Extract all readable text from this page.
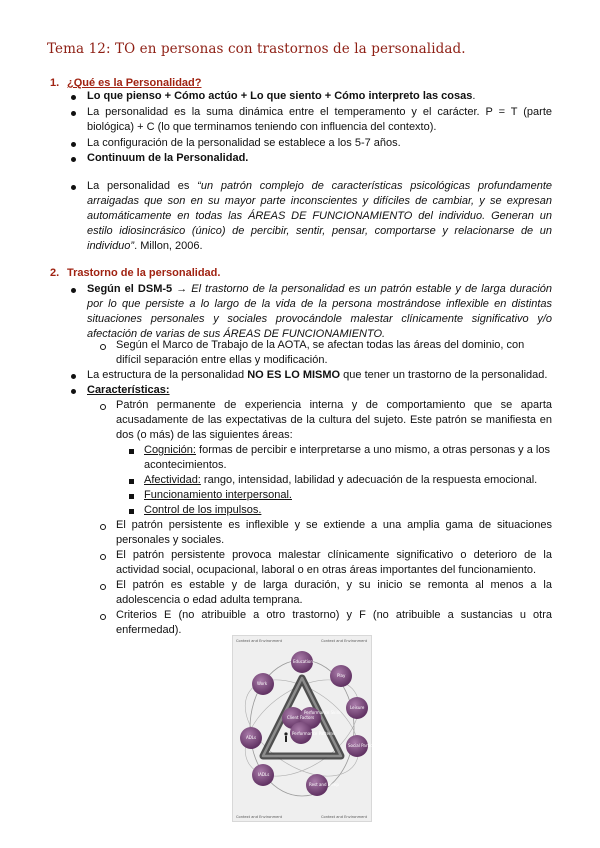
Tema 12: TO en personas con trastornos de la personalidad.
1. ¿Qué es la Personalidad?
Lo que pienso + Cómo actúo + Lo que siento + Cómo interpreto las cosas.
La personalidad es la suma dinámica entre el temperamento y el carácter. P = T (parte biológica) + C (lo que terminamos teniendo con influencia del contexto).
La configuración de la personalidad se establece a los 5-7 años.
Continuum de la Personalidad.
La personalidad es “un patrón complejo de características psicológicas profundamente arraigadas que son en su mayor parte inconscientes y difíciles de cambiar, y se expresan automáticamente en todas las ÁREAS DE FUNCIONAMIENTO del individuo. Generan un estilo idiosincrásico (único) de percibir, sentir, pensar, comportarse y relacionarse de un individuo”. Millon, 2006.
2. Trastorno de la personalidad.
Según el DSM-5 → El trastorno de la personalidad es un patrón estable y de larga duración por lo que persiste a lo largo de la vida de la persona mostrándose inflexible en distintas situaciones personales y sociales provocándole malestar clínicamente significativo y/o afectación de varias de sus ÁREAS DE FUNCIONAMIENTO.
Según el Marco de Trabajo de la AOTA, se afectan todas las áreas del dominio, con difícil separación entre ellas y modificación.
La estructura de la personalidad NO ES LO MISMO que tener un trastorno de la personalidad.
Características:
Patrón permanente de experiencia interna y de comportamiento que se aparta acusadamente de las expectativas de la cultura del sujeto. Este patrón se manifiesta en dos (o más) de las siguientes áreas:
Cognición: formas de percibir e interpretarse a uno mismo, a otras personas y a los acontecimientos.
Afectividad: rango, intensidad, labilidad y adecuación de la respuesta emocional.
Funcionamiento interpersonal.
Control de los impulsos.
El patrón persistente es inflexible y se extiende a una amplia gama de situaciones personales y sociales.
El patrón persistente provoca malestar clínicamente significativo o deterioro de la actividad social, ocupacional, laboral o en otras áreas importantes del funcionamiento.
El patrón es estable y de larga duración, y su inicio se remonta al menos a la adolescencia o edad adulta temprana.
Criterios E (no atribuible a otro trastorno) y F (no atribuible a sustancias u otra enfermedad).
Context and Environment	Context and Environment
Context and Environment	Context and Environment
Client Factors
Performance Skills
Performance Patterns
Education
Play
Leisure
Social Participation
Rest and Sleep
IADLs
ADLs
Work
